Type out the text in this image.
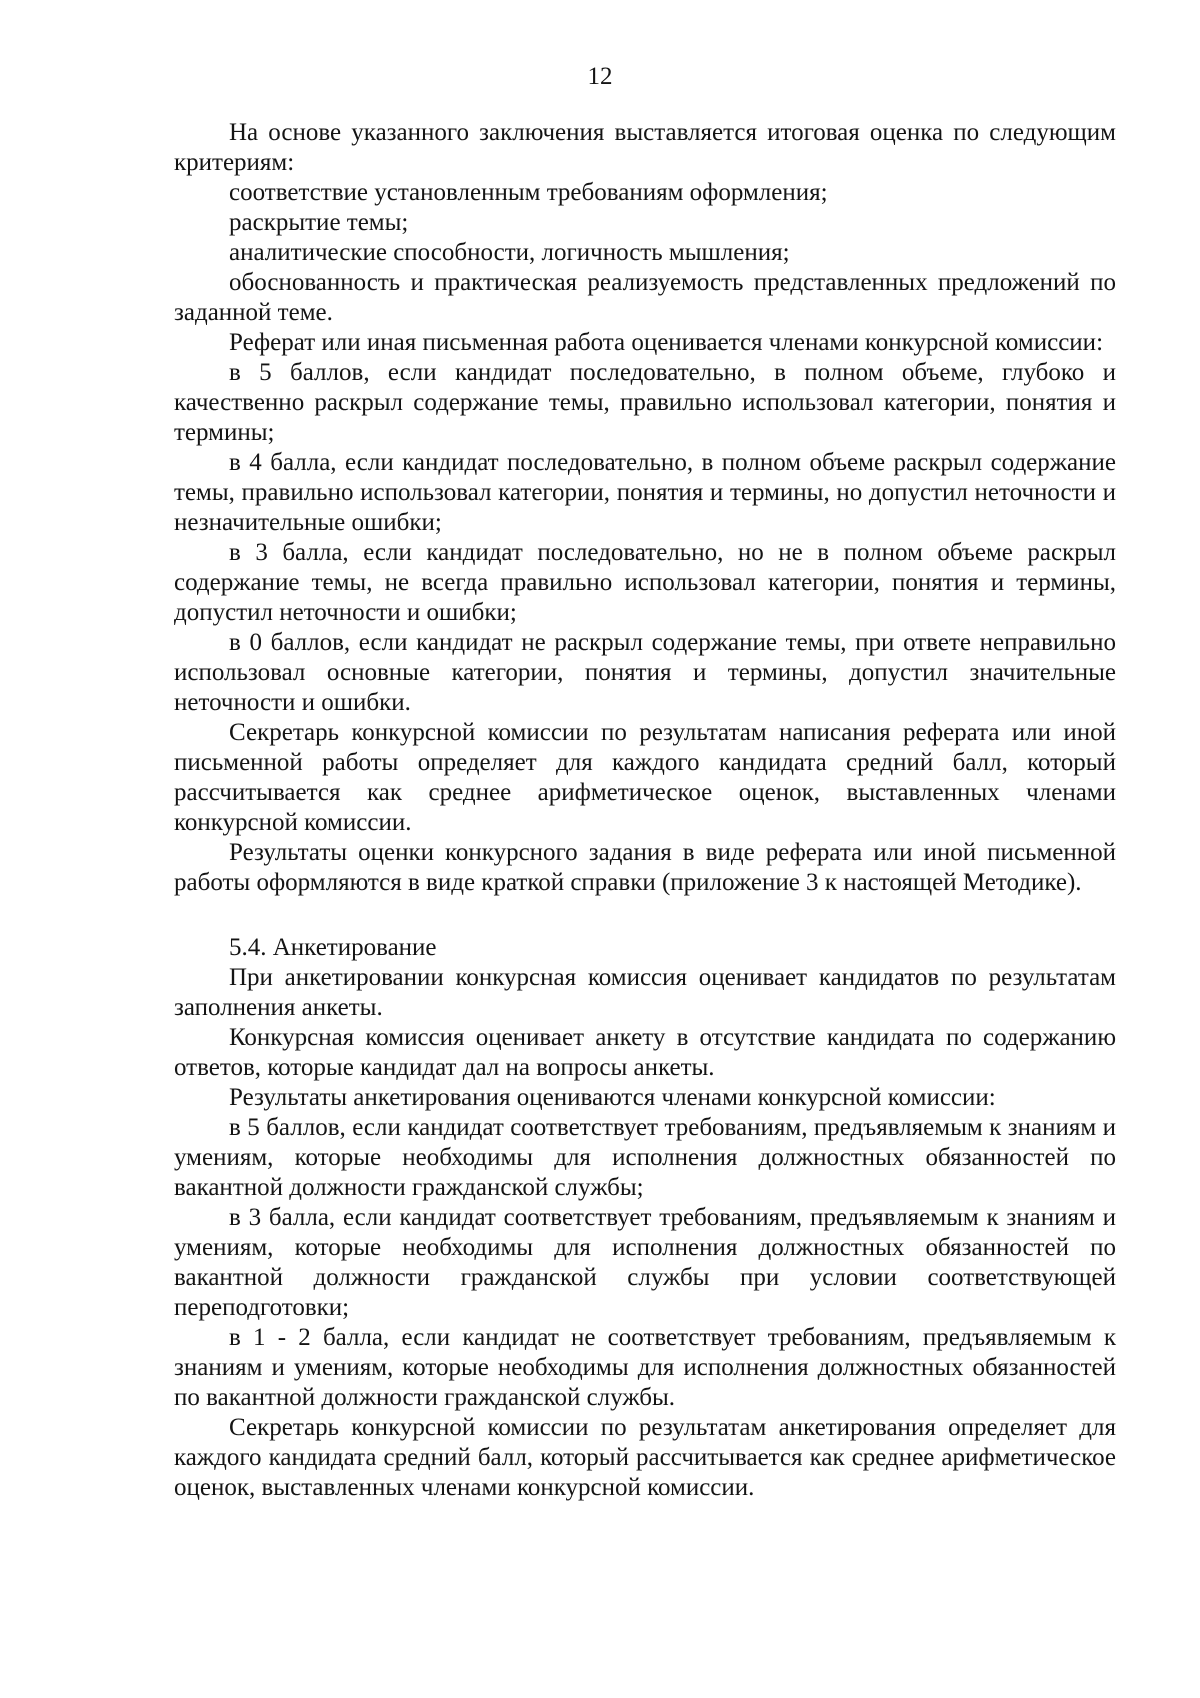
12

На основе указанного заключения выставляется итоговая оценка по следующим критериям:

соответствие установленным требованиям оформления;

раскрытие темы;

аналитические способности, логичность мышления;

обоснованность и практическая реализуемость представленных предложений по заданной теме.

Реферат или иная письменная работа оценивается членами конкурсной комиссии:

в 5 баллов, если кандидат последовательно, в полном объеме, глубоко и качественно раскрыл содержание темы, правильно использовал категории, понятия и термины;

в 4 балла, если кандидат последовательно, в полном объеме раскрыл содержание темы, правильно использовал категории, понятия и термины, но допустил неточности и незначительные ошибки;

в 3 балла, если кандидат последовательно, но не в полном объеме раскрыл содержание темы, не всегда правильно использовал категории, понятия и термины, допустил неточности и ошибки;

в 0 баллов, если кандидат не раскрыл содержание темы, при ответе неправильно использовал основные категории, понятия и термины, допустил значительные неточности и ошибки.

Секретарь конкурсной комиссии по результатам написания реферата или иной письменной работы определяет для каждого кандидата средний балл, который рассчитывается как среднее арифметическое оценок, выставленных членами конкурсной комиссии.

Результаты оценки конкурсного задания в виде реферата или иной письменной работы оформляются в виде краткой справки (приложение 3 к настоящей Методике).

5.4. Анкетирование

При анкетировании конкурсная комиссия оценивает кандидатов по результатам заполнения анкеты.

Конкурсная комиссия оценивает анкету в отсутствие кандидата по содержанию ответов, которые кандидат дал на вопросы анкеты.

Результаты анкетирования оцениваются членами конкурсной комиссии:

в 5 баллов, если кандидат соответствует требованиям, предъявляемым к знаниям и умениям, которые необходимы для исполнения должностных обязанностей по вакантной должности гражданской службы;

в 3 балла, если кандидат соответствует требованиям, предъявляемым к знаниям и умениям, которые необходимы для исполнения должностных обязанностей по вакантной должности гражданской службы при условии соответствующей переподготовки;

в 1 - 2 балла, если кандидат не соответствует требованиям, предъявляемым к знаниям и умениям, которые необходимы для исполнения должностных обязанностей по вакантной должности гражданской службы.

Секретарь конкурсной комиссии по результатам анкетирования определяет для каждого кандидата средний балл, который рассчитывается как среднее арифметическое оценок, выставленных членами конкурсной комиссии.
